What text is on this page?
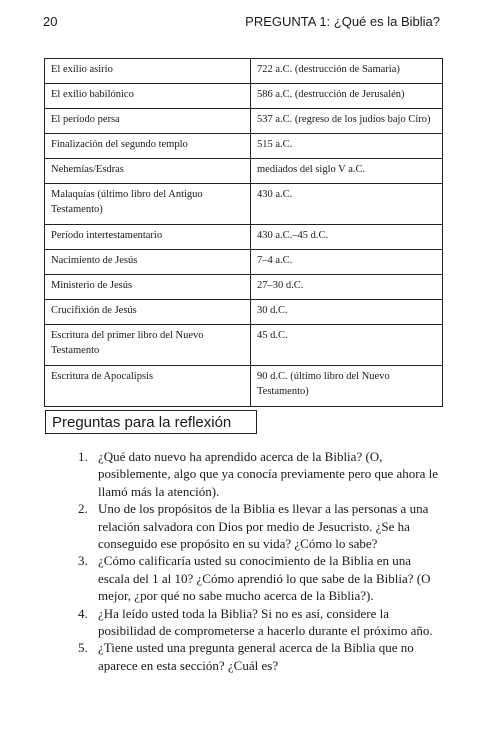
20	PREGUNTA 1: ¿Qué es la Biblia?
El exilio asirio	722 a.C. (destrucción de Samaria)
El exilio babilónico	586 a.C. (destrucción de Jerusalén)
El período persa	537 a.C. (regreso de los judíos bajo Ciro)
Finalización del segundo templo	515 a.C.
Nehemías/Esdras	mediados del siglo V a.C.
Malaquías (último libro del Antiguo Testamento)	430 a.C.
Período intertestamentario	430 a.C.–45 d.C.
Nacimiento de Jesús	7–4 a.C.
Ministerio de Jesús	27–30 d.C.
Crucifixión de Jesús	30 d.C.
Escritura del primer libro del Nuevo Testamento	45 d.C.
Escritura de Apocalipsis	90 d.C. (último libro del Nuevo Testamento)
Preguntas para la reflexión
1. ¿Qué dato nuevo ha aprendido acerca de la Biblia? (O, posiblemente, algo que ya conocía previamente pero que ahora le llamó más la atención).
2. Uno de los propósitos de la Biblia es llevar a las personas a una relación salvadora con Dios por medio de Jesucristo. ¿Se ha conseguido ese propósito en su vida? ¿Cómo lo sabe?
3. ¿Cómo calificaría usted su conocimiento de la Biblia en una escala del 1 al 10? ¿Cómo aprendió lo que sabe de la Biblia? (O mejor, ¿por qué no sabe mucho acerca de la Biblia?).
4. ¿Ha leído usted toda la Biblia? Si no es así, considere la posibilidad de comprometerse a hacerlo durante el próximo año.
5. ¿Tiene usted una pregunta general acerca de la Biblia que no aparece en esta sección? ¿Cuál es?
